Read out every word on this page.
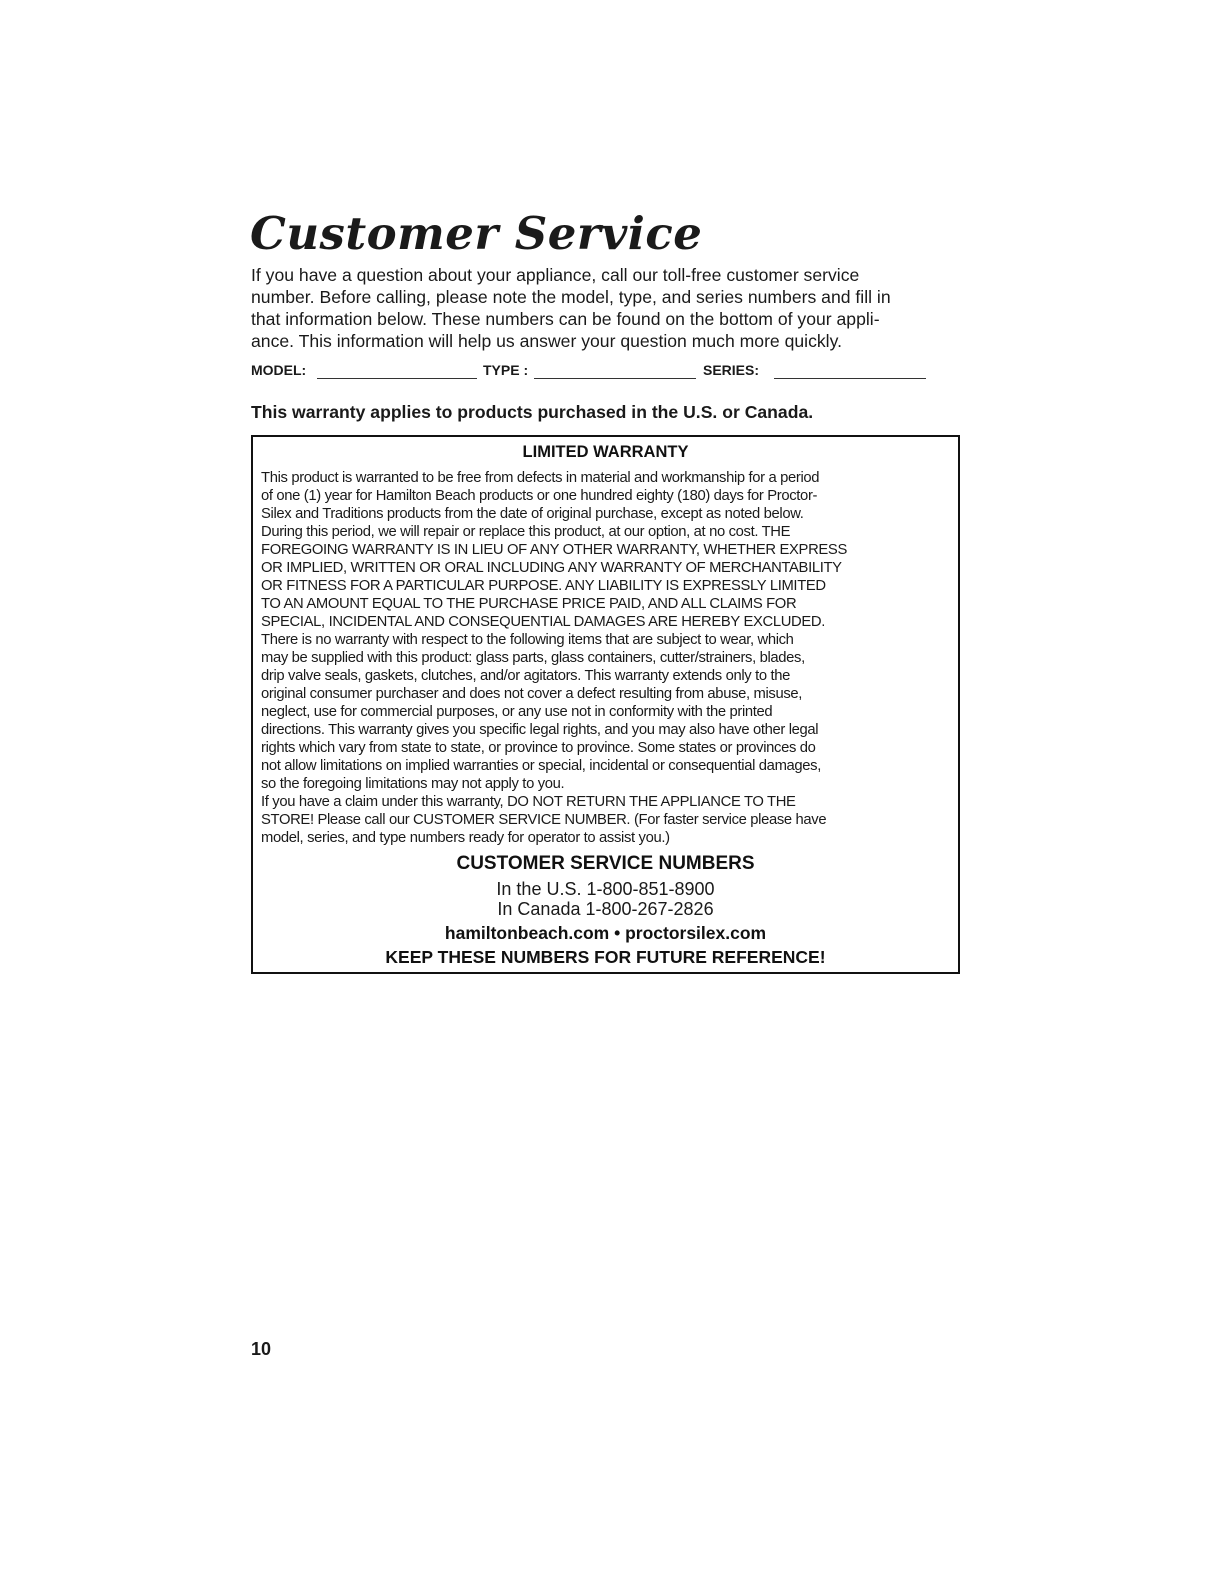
Customer Service

If you have a question about your appliance, call our toll-free customer service
number. Before calling, please note the model, type, and series numbers and fill in
that information below. These numbers can be found on the bottom of your appli-
ance. This information will help us answer your question much more quickly.

MODEL:	TYPE :	SERIES:

This warranty applies to products purchased in the U.S. or Canada.

LIMITED WARRANTY

This product is warranted to be free from defects in material and workmanship for a period
of one (1) year for Hamilton Beach products or one hundred eighty (180) days for Proctor-
Silex and Traditions products from the date of original purchase, except as noted below.
During this period, we will repair or replace this product, at our option, at no cost. THE
FOREGOING WARRANTY IS IN LIEU OF ANY OTHER WARRANTY, WHETHER EXPRESS
OR IMPLIED, WRITTEN OR ORAL INCLUDING ANY WARRANTY OF MERCHANTABILITY
OR FITNESS FOR A PARTICULAR PURPOSE. ANY LIABILITY IS EXPRESSLY LIMITED
TO AN AMOUNT EQUAL TO THE PURCHASE PRICE PAID, AND ALL CLAIMS FOR
SPECIAL, INCIDENTAL AND CONSEQUENTIAL DAMAGES ARE HEREBY EXCLUDED.
There is no warranty with respect to the following items that are subject to wear, which
may be supplied with this product: glass parts, glass containers, cutter/strainers, blades,
drip valve seals, gaskets, clutches, and/or agitators. This warranty extends only to the
original consumer purchaser and does not cover a defect resulting from abuse, misuse,
neglect, use for commercial purposes, or any use not in conformity with the printed
directions. This warranty gives you specific legal rights, and you may also have other legal
rights which vary from state to state, or province to province. Some states or provinces do
not allow limitations on implied warranties or special, incidental or consequential damages,
so the foregoing limitations may not apply to you.

If you have a claim under this warranty, DO NOT RETURN THE APPLIANCE TO THE
STORE! Please call our CUSTOMER SERVICE NUMBER. (For faster service please have
model, series, and type numbers ready for operator to assist you.)

CUSTOMER SERVICE NUMBERS

In the U.S. 1-800-851-8900

In Canada 1-800-267-2826

hamiltonbeach.com • proctorsilex.com

KEEP THESE NUMBERS FOR FUTURE REFERENCE!

10
